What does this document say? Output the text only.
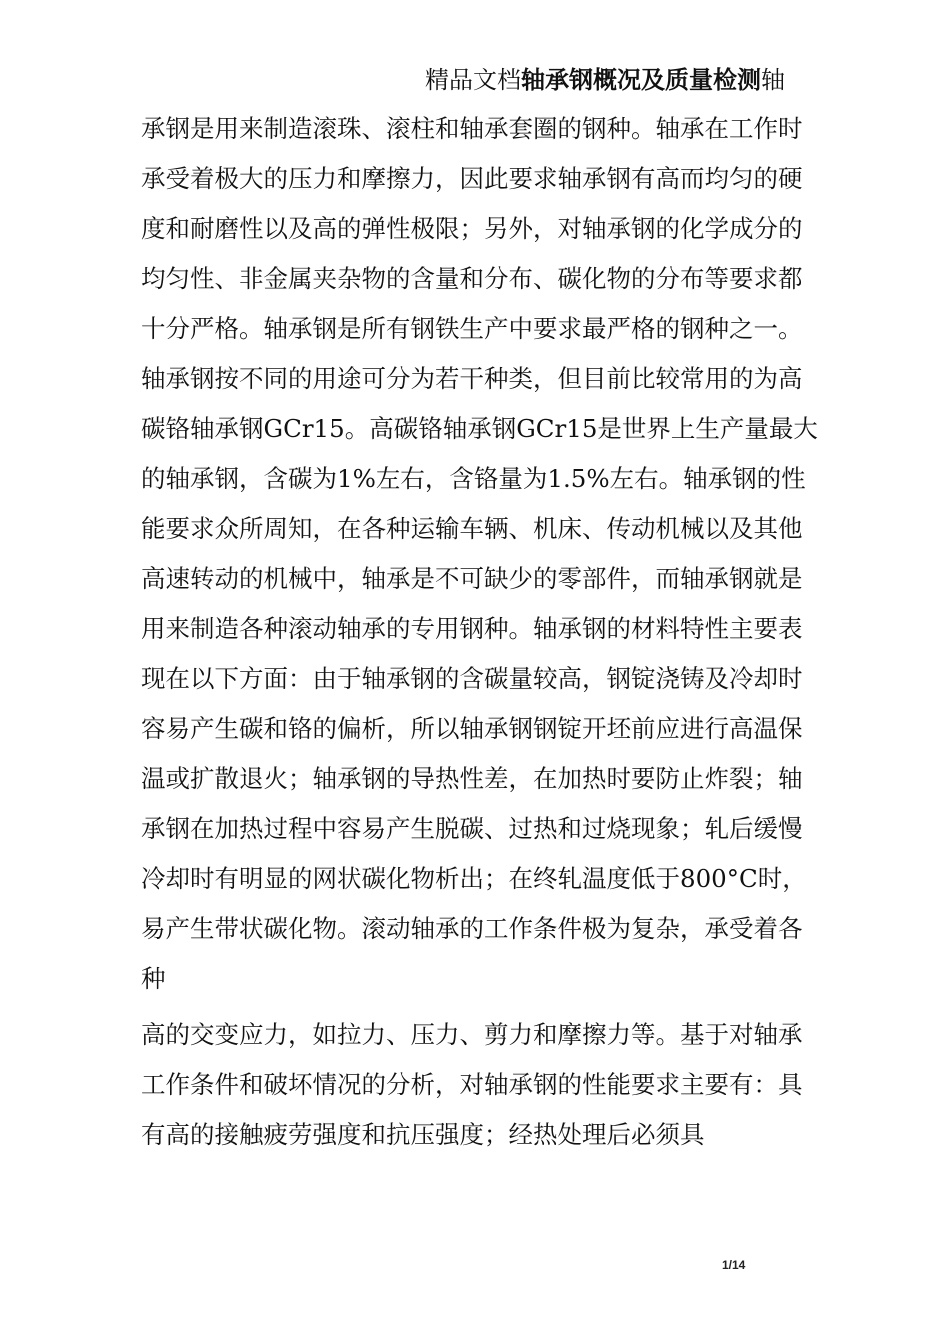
精品文档轴承钢概况及质量检测轴
承钢是用来制造滚珠、滚柱和轴承套圈的钢种。轴承在工作时
承受着极大的压力和摩擦力，因此要求轴承钢有高而均匀的硬
度和耐磨性以及高的弹性极限；另外，对轴承钢的化学成分的
均匀性、非金属夹杂物的含量和分布、碳化物的分布等要求都
十分严格。轴承钢是所有钢铁生产中要求最严格的钢种之一。
轴承钢按不同的用途可分为若干种类，但目前比较常用的为高
碳铬轴承钢GCr15。高碳铬轴承钢GCr15是世界上生产量最大
的轴承钢，含碳为1%左右，含铬量为1.5%左右。轴承钢的性
能要求众所周知，在各种运输车辆、机床、传动机械以及其他
高速转动的机械中，轴承是不可缺少的零部件，而轴承钢就是
用来制造各种滚动轴承的专用钢种。轴承钢的材料特性主要表
现在以下方面：由于轴承钢的含碳量较高，钢锭浇铸及冷却时
容易产生碳和铬的偏析，所以轴承钢钢锭开坯前应进行高温保
温或扩散退火；轴承钢的导热性差，在加热时要防止炸裂；轴
承钢在加热过程中容易产生脱碳、过热和过烧现象；轧后缓慢
冷却时有明显的网状碳化物析出；在终轧温度低于800°C时，
易产生带状碳化物。滚动轴承的工作条件极为复杂，承受着各
种
高的交变应力，如拉力、压力、剪力和摩擦力等。基于对轴承
工作条件和破坏情况的分析，对轴承钢的性能要求主要有：具
有高的接触疲劳强度和抗压强度；经热处理后必须具
1/14
